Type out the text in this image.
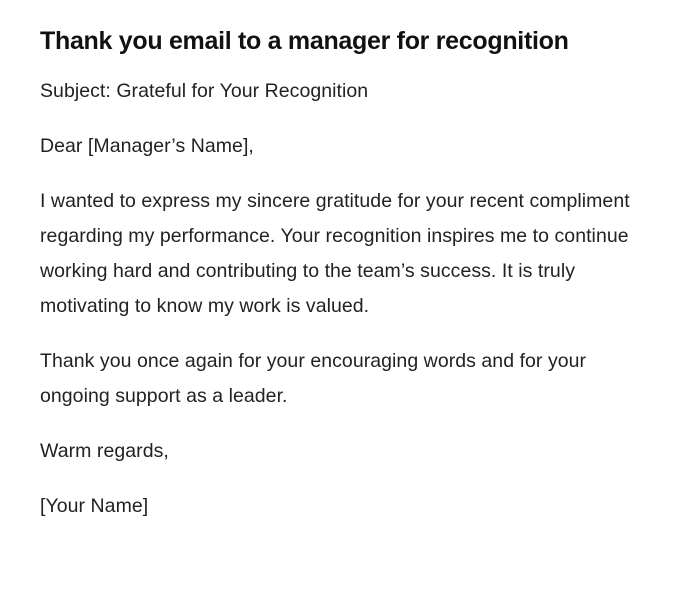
Thank you email to a manager for recognition

Subject: Grateful for Your Recognition

Dear [Manager’s Name],

I wanted to express my sincere gratitude for your recent compliment regarding my performance. Your recognition inspires me to continue working hard and contributing to the team’s success. It is truly motivating to know my work is valued.

Thank you once again for your encouraging words and for your ongoing support as a leader.

Warm regards,

[Your Name]
